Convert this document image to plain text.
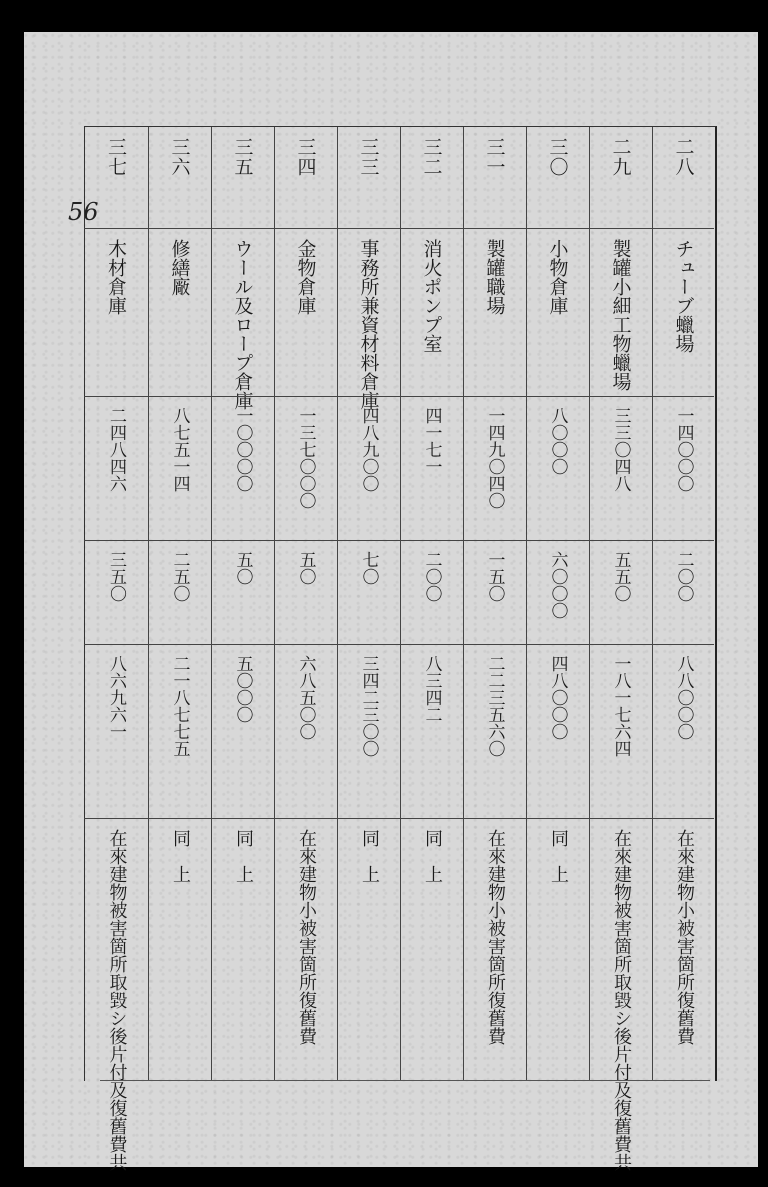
56
二八
チューブ蠟場
一四〇〇〇
二〇〇
八八〇〇〇
在來建物小被害箇所復舊費
二九
製罐小細工物蠟場
三三〇四八
五五〇
一八一七六四
在來建物被害箇所取毀シ後片付及復舊費共
三〇
小物倉庫
八〇〇〇
六〇〇〇
四八〇〇〇
同　上
三一
製罐職場
一四九〇四〇
一五〇
二二三五六〇
在來建物小被害箇所復舊費
三二
消火ポンプ室
四一七一
二〇〇
八三四二
同　上
三三
事務所兼資材料倉庫
四八九〇〇
七〇
三四二三〇〇
同　上
三四
金物倉庫
一三七〇〇〇
五〇
六八五〇〇
在來建物小被害箇所復舊費
三五
ウール及ロープ倉庫
一〇〇〇〇
五〇
五〇〇〇
同　上
三六
修繕廠
八七五一四
二五〇
二一八七七五
同　上
三七
木材倉庫
二四八四六
三五〇
八六九六一
在來建物被害箇所取毀シ後片付及復舊費共
